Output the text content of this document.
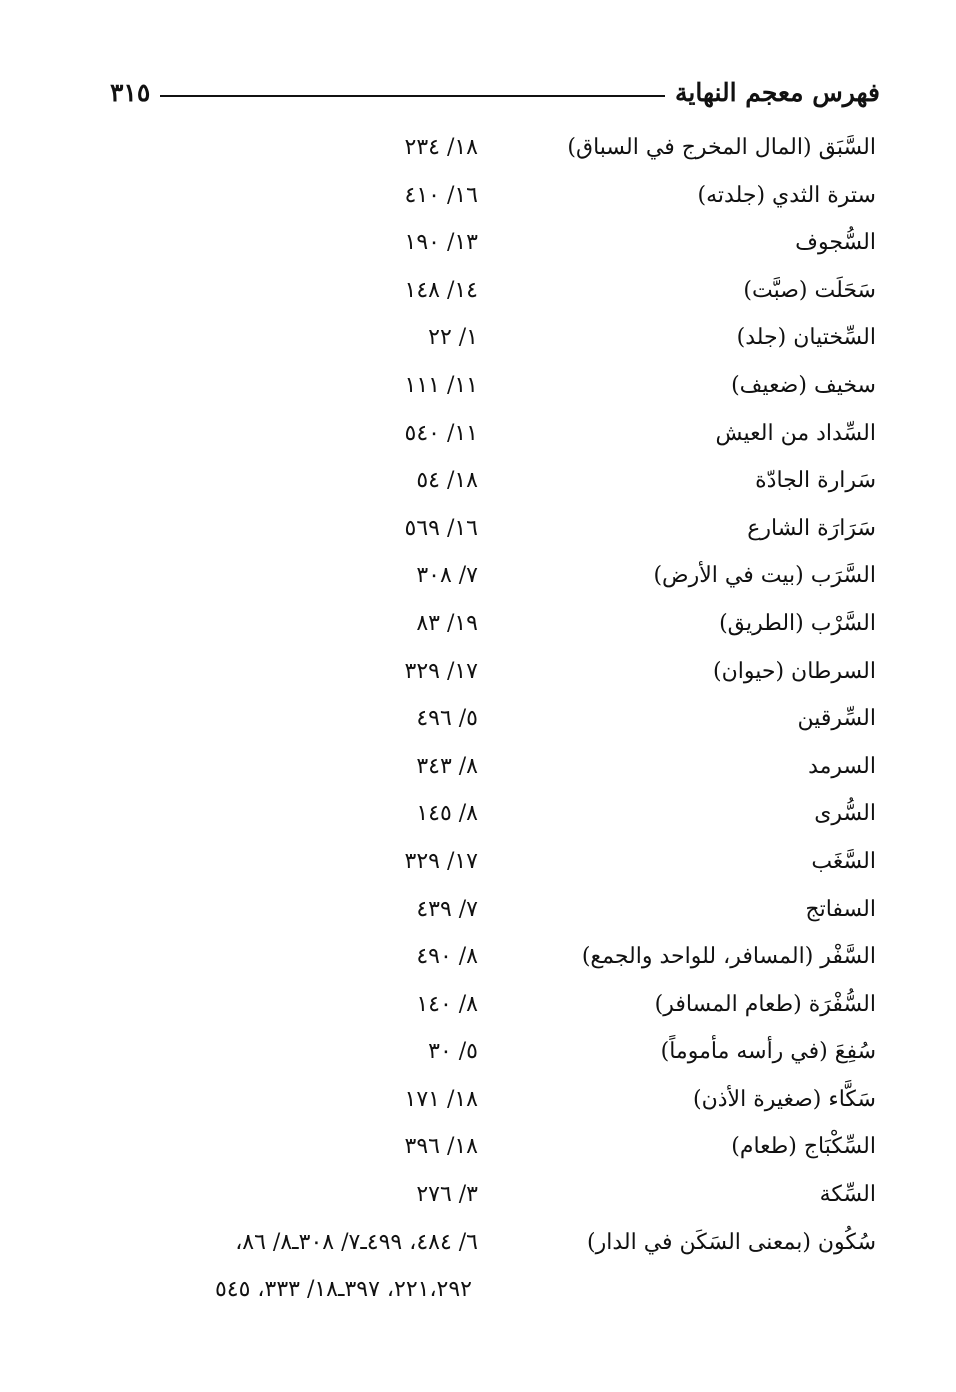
فهرس معجم النهاية
٣١٥
السَّبَق (المال المخرج في السباق)
١٨/ ٢٣٤
سترة الثدي (جلدته)
١٦/ ٤١٠
السُّجوف
١٣/ ١٩٠
سَحَلَت (صبَّت)
١٤/ ١٤٨
السِّختيان (جلد)
١/ ٢٢
سخيف (ضعيف)
١١/ ١١١
السِّداد من العيش
١١/ ٥٤٠
سَرارة الجادّة
١٨/ ٥٤
سَرَارَة الشارع
١٦/ ٥٦٩
السَّرَب (بيت في الأرض)
٧/ ٣٠٨
السَّرْب (الطريق)
١٩/ ٨٣
السرطان (حيوان)
١٧/ ٣٢٩
السِّرقين
٥/ ٤٩٦
السرمد
٨/ ٣٤٣
السُّرى
٨/ ١٤٥
السَّغَب
١٧/ ٣٢٩
السفاتج
٧/ ٤٣٩
السَّفْر (المسافر، للواحد والجمع)
٨/ ٤٩٠
السُّفْرَة (طعام المسافر)
٨/ ١٤٠
سُفِعَ (في رأسه مأموماً)
٥/ ٣٠
سَكَّاء (صغيرة الأذن)
١٨/ ١٧١
السِّكْبَاج (طعام)
١٨/ ٣٩٦
السِّكة
٣/ ٢٧٦
سُكُون (بمعنى السَكَن في الدار)
٦/ ٤٨٤، ٤٩٩ـ٧/ ٣٠٨ـ٨/ ٨٦،
٢٢١،٢٩٢، ٣٩٧ـ١٨/ ٣٣٣، ٥٤٥
